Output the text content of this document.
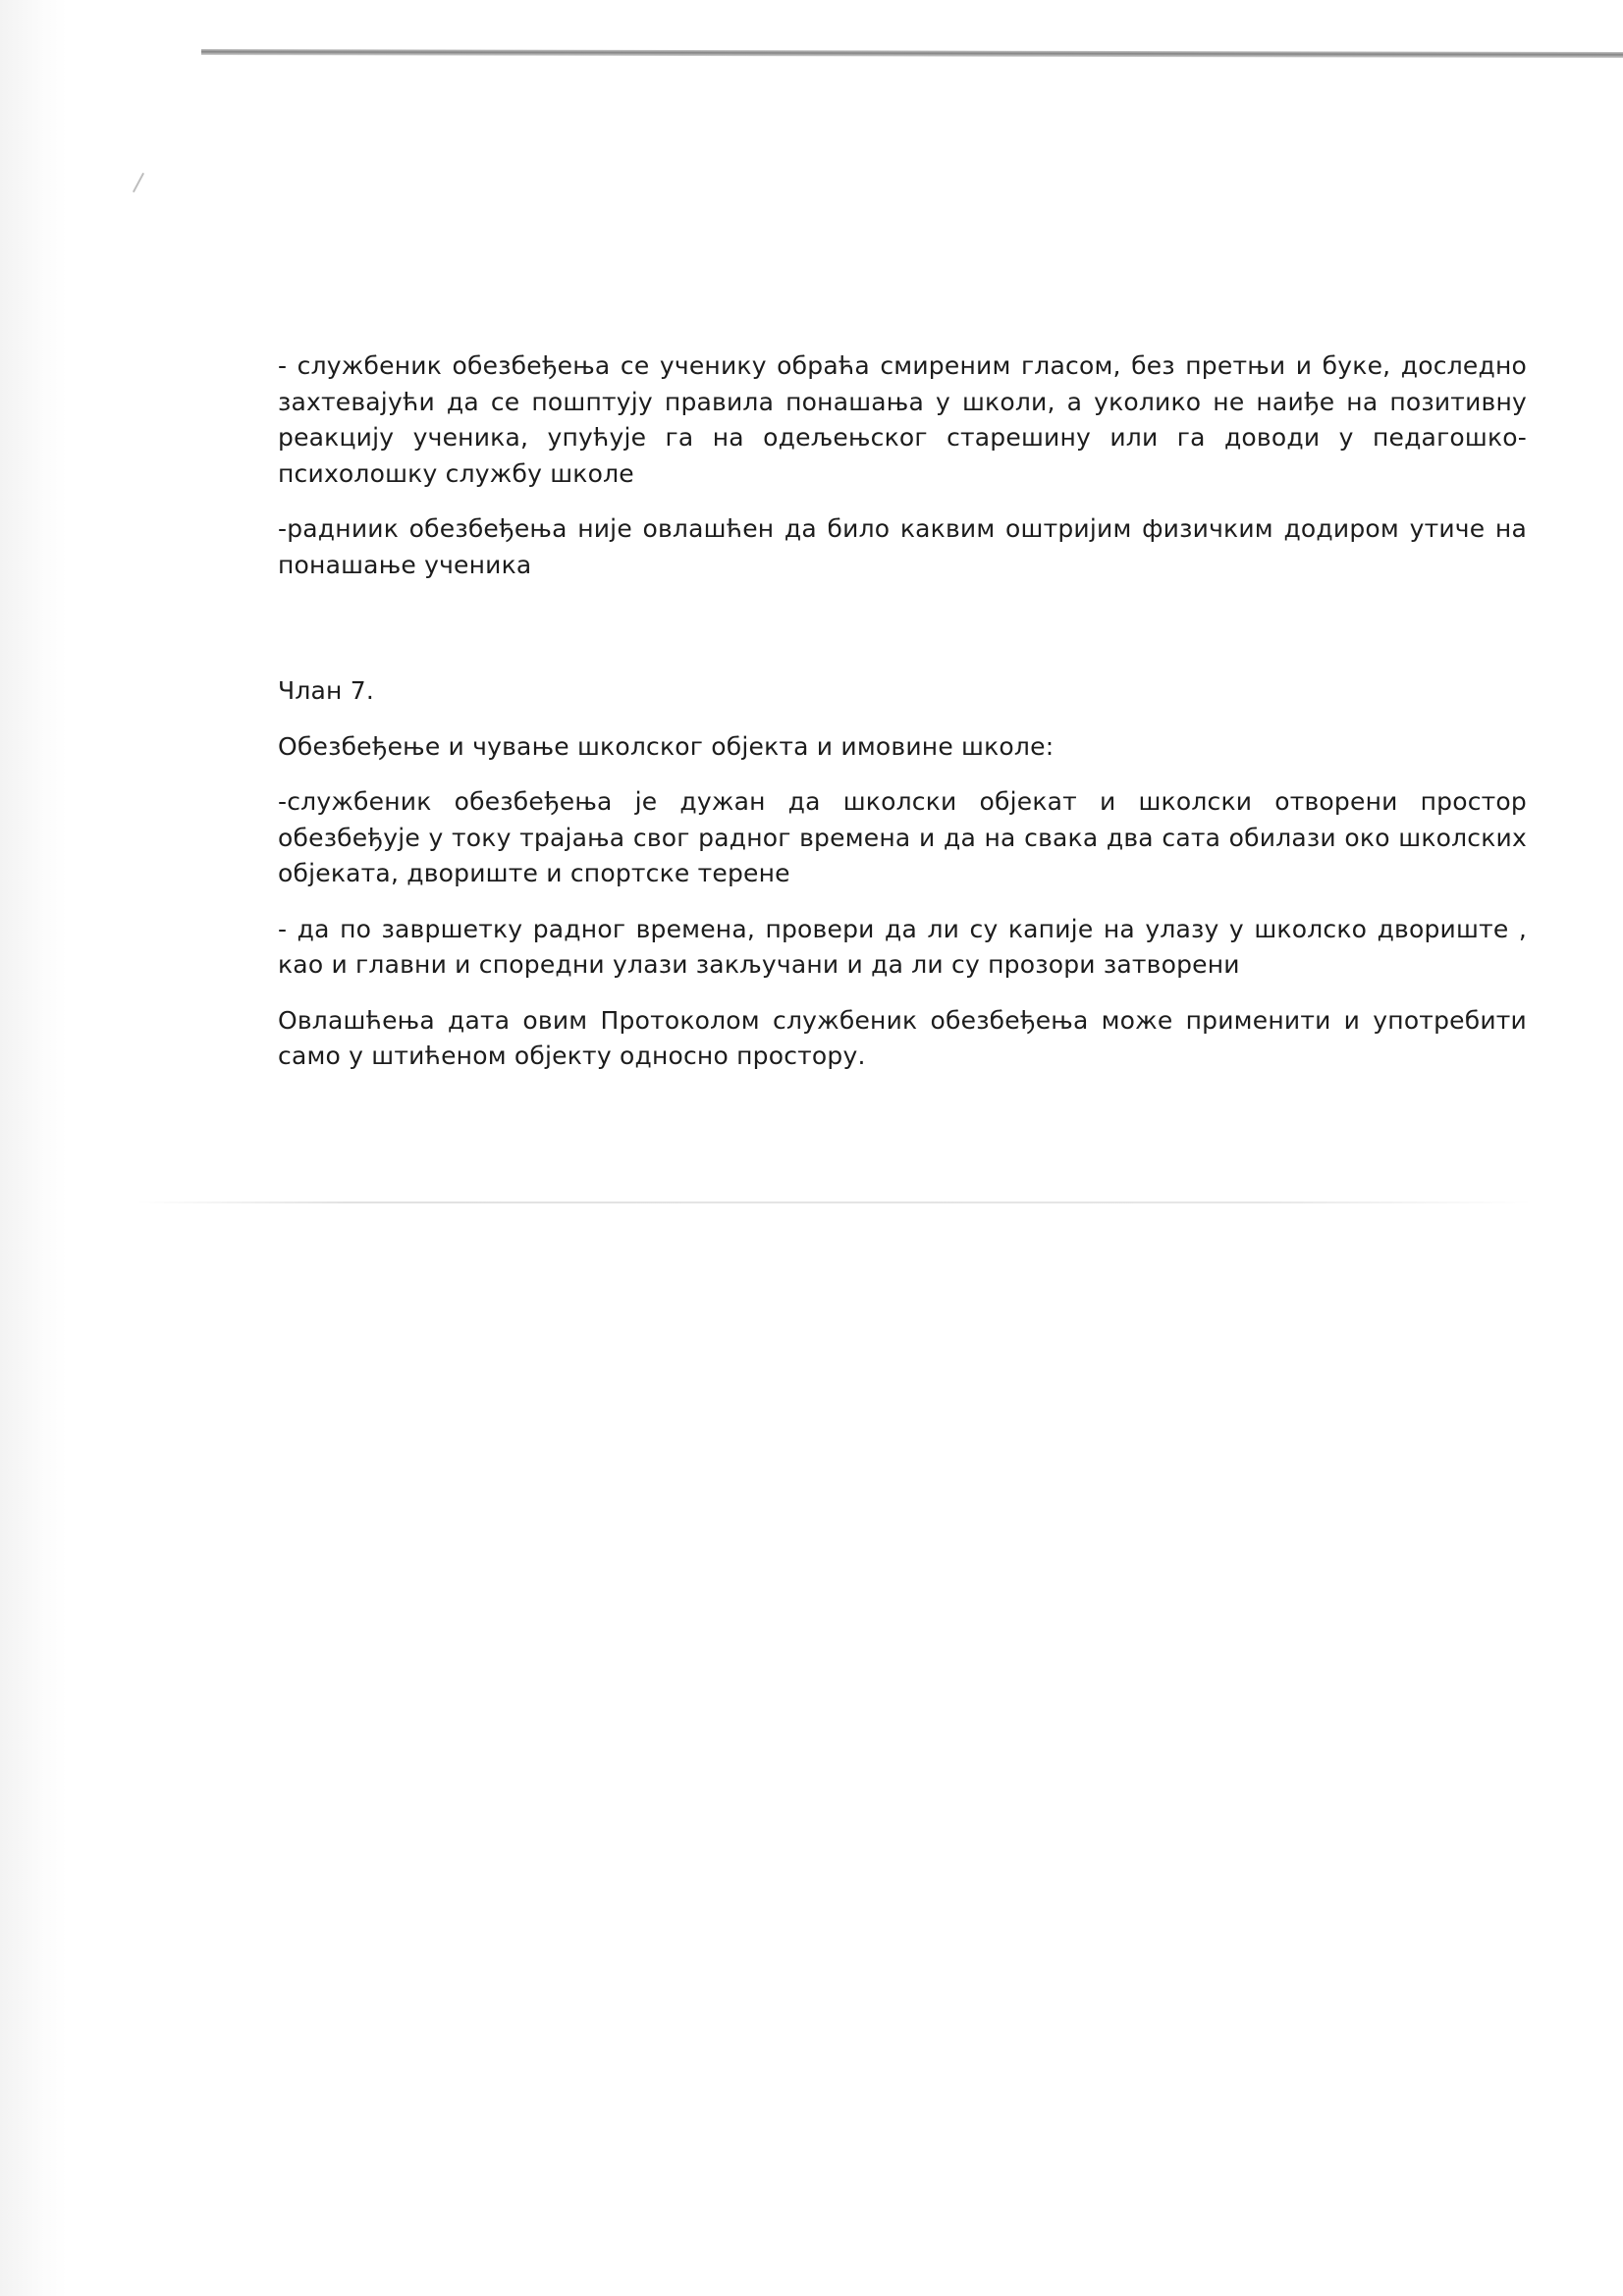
- службеник обезбеђења се ученику обраћа смиреним гласом, без претњи и буке, доследно захтевајући да се пошптују правила понашања у школи, а уколико не наиђе на позитивну реакцију ученика, упућује га на одељењског старешину или га доводи у педагошко-психолошку службу школе

-радниик обезбеђења није овлашћен да било каквим оштријим физичким додиром утиче на понашање ученика

Члан 7.

Обезбеђење и чување школског објекта и имовине школе:

-службеник обезбеђења је дужан да школски објекат и школски отворени простор обезбеђује у току трајања свог радног времена и да на свака два сата обилази око школских објеката, двориште и спортске терене

- да по завршетку радног времена, провери да ли су капије на улазу у школско двориште , као и главни и споредни улази закључани и да ли су прозори затворени

Овлашћења дата овим Протоколом службеник обезбеђења може применити и употребити само у штићеном објекту односно простору.
